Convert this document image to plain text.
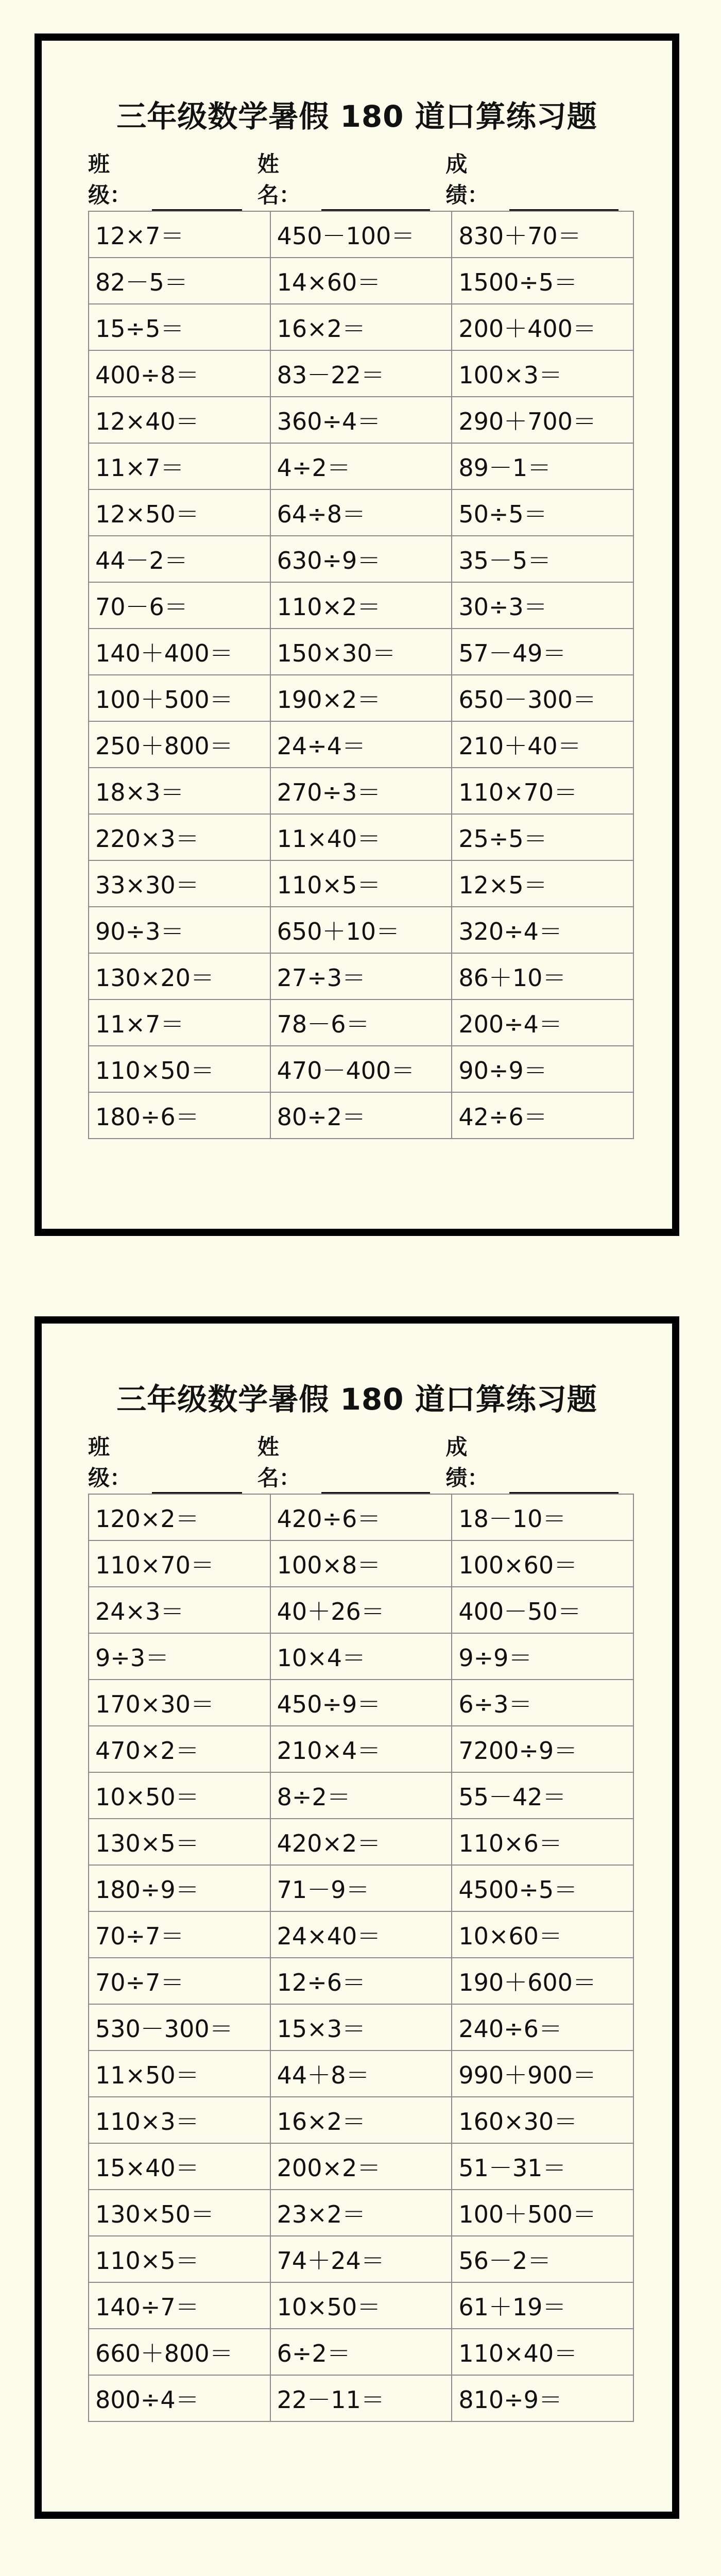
三年级数学暑假 180 道口算练习题
班级：
姓名：
成绩：
12×7＝	450－100＝	830＋70＝
82－5＝	14×60＝	1500÷5＝
15÷5＝	16×2＝	200＋400＝
400÷8＝	83－22＝	100×3＝
12×40＝	360÷4＝	290＋700＝
11×7＝	4÷2＝	89－1＝
12×50＝	64÷8＝	50÷5＝
44－2＝	630÷9＝	35－5＝
70－6＝	110×2＝	30÷3＝
140＋400＝	150×30＝	57－49＝
100＋500＝	190×2＝	650－300＝
250＋800＝	24÷4＝	210＋40＝
18×3＝	270÷3＝	110×70＝
220×3＝	11×40＝	25÷5＝
33×30＝	110×5＝	12×5＝
90÷3＝	650＋10＝	320÷4＝
130×20＝	27÷3＝	86＋10＝
11×7＝	78－6＝	200÷4＝
110×50＝	470－400＝	90÷9＝
180÷6＝	80÷2＝	42÷6＝
三年级数学暑假 180 道口算练习题
班级：
姓名：
成绩：
120×2＝	420÷6＝	18－10＝
110×70＝	100×8＝	100×60＝
24×3＝	40＋26＝	400－50＝
9÷3＝	10×4＝	9÷9＝
170×30＝	450÷9＝	6÷3＝
470×2＝	210×4＝	7200÷9＝
10×50＝	8÷2＝	55－42＝
130×5＝	420×2＝	110×6＝
180÷9＝	71－9＝	4500÷5＝
70÷7＝	24×40＝	10×60＝
70÷7＝	12÷6＝	190＋600＝
530－300＝	15×3＝	240÷6＝
11×50＝	44＋8＝	990＋900＝
110×3＝	16×2＝	160×30＝
15×40＝	200×2＝	51－31＝
130×50＝	23×2＝	100＋500＝
110×5＝	74＋24＝	56－2＝
140÷7＝	10×50＝	61＋19＝
660＋800＝	6÷2＝	110×40＝
800÷4＝	22－11＝	810÷9＝
